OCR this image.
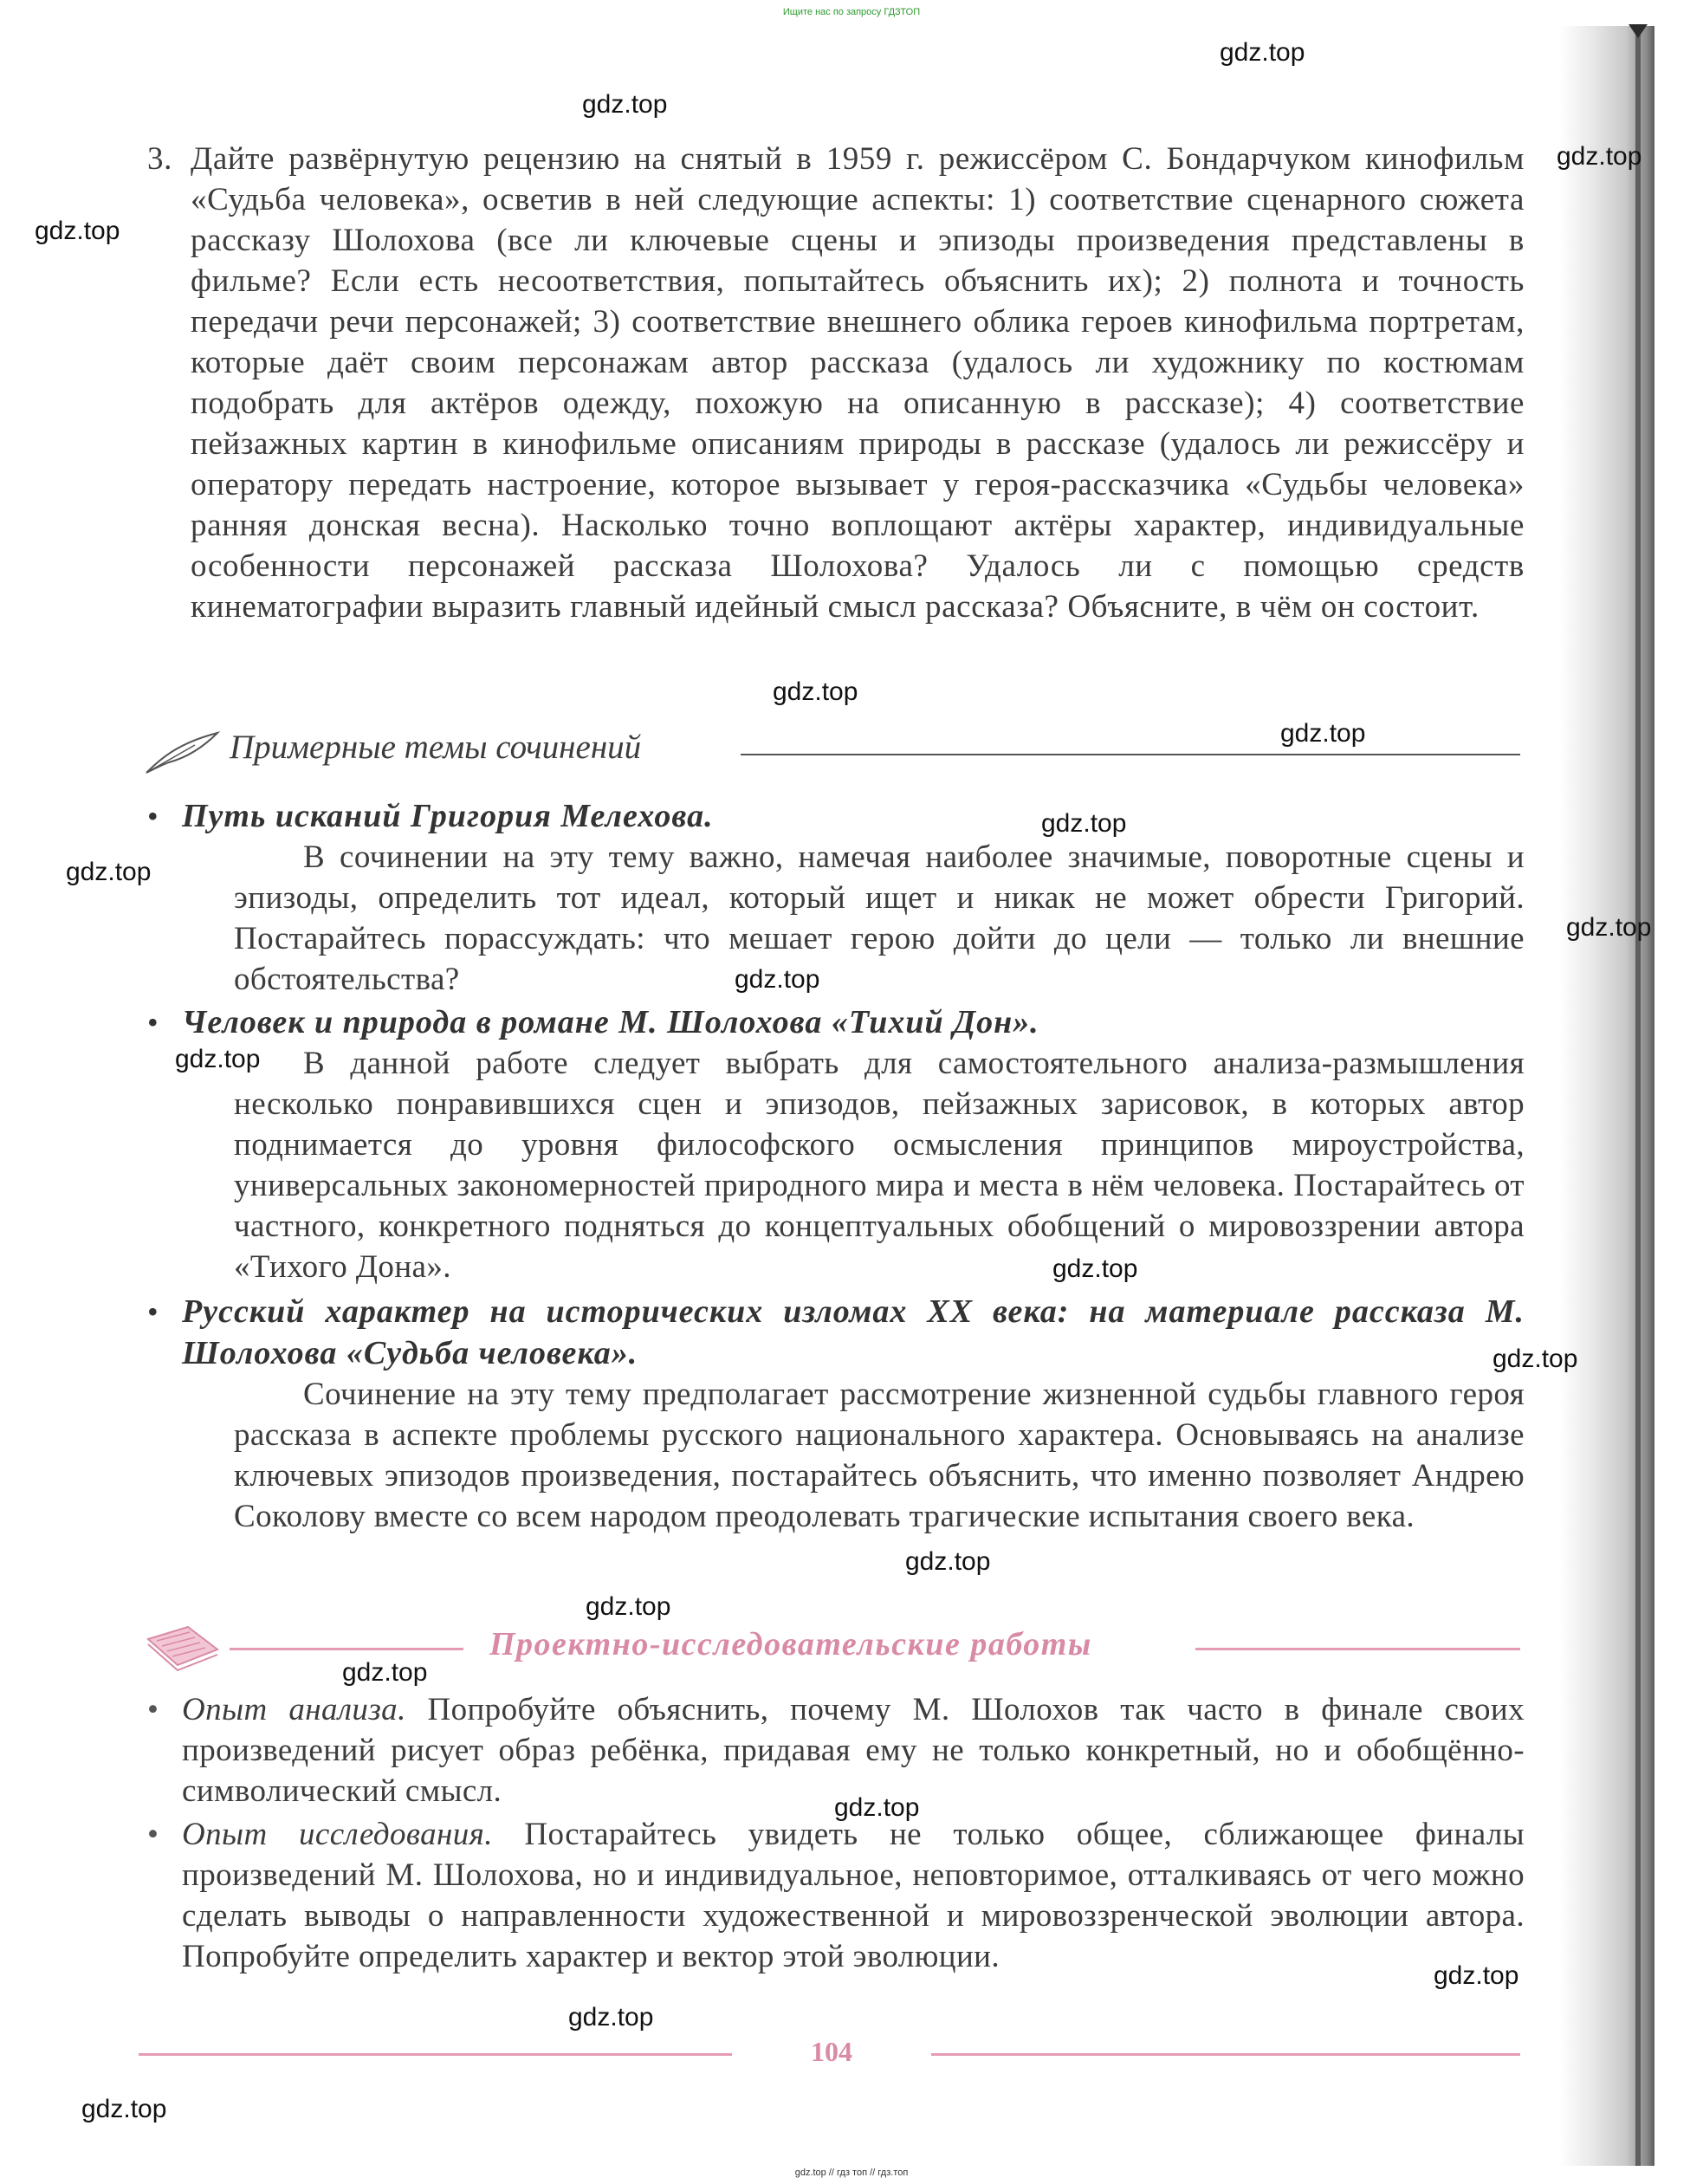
Ищите нас по запросу ГДЗТОП
gdz.top
gdz.top
gdz.top
gdz.top
gdz.top
gdz.top
gdz.top
gdz.top
gdz.top
gdz.top
gdz.top
gdz.top
gdz.top
gdz.top
gdz.top
gdz.top
gdz.top
gdz.top
gdz.top
gdz.top
3. Дайте развёрнутую рецензию на снятый в 1959 г. режиссёром С. Бондарчуком кинофильм «Судьба человека», осветив в ней следующие аспекты: 1) соответствие сценарного сюжета рассказу Шолохова (все ли ключевые сцены и эпизоды произведения представлены в фильме? Если есть несоответствия, попытайтесь объяснить их); 2) полнота и точность передачи речи персонажей; 3) соответствие внешнего облика героев кинофильма портретам, которые даёт своим персонажам автор рассказа (удалось ли художнику по костюмам подобрать для актёров одежду, похожую на описанную в рассказе); 4) соответствие пейзажных картин в кинофильме описаниям природы в рассказе (удалось ли режиссёру и оператору передать настроение, которое вызывает у героя-рассказчика «Судьбы человека» ранняя донская весна). Насколько точно воплощают актёры характер, индивидуальные особенности персонажей рассказа Шолохова? Удалось ли с помощью средств кинематографии выразить главный идейный смысл рассказа? Объясните, в чём он состоит.
Примерные темы сочинений
• Путь исканий Григория Мелехова.
В сочинении на эту тему важно, намечая наиболее значимые, поворотные сцены и эпизоды, определить тот идеал, который ищет и никак не может обрести Григорий. Постарайтесь порассуждать: что мешает герою дойти до цели — только ли внешние обстоятельства?
• Человек и природа в романе М. Шолохова «Тихий Дон».
В данной работе следует выбрать для самостоятельного анализа-размышления несколько понравившихся сцен и эпизодов, пейзажных зарисовок, в которых автор поднимается до уровня философского осмысления принципов мироустройства, универсальных закономерностей природного мира и места в нём человека. Постарайтесь от частного, конкретного подняться до концептуальных обобщений о мировоззрении автора «Тихого Дона».
• Русский характер на исторических изломах XX века: на материале рассказа М. Шолохова «Судьба человека».
Сочинение на эту тему предполагает рассмотрение жизненной судьбы главного героя рассказа в аспекте проблемы русского национального характера. Основываясь на анализе ключевых эпизодов произведения, постарайтесь объяснить, что именно позволяет Андрею Соколову вместе со всем народом преодолевать трагические испытания своего века.
Проектно-исследовательские работы
• Опыт анализа. Попробуйте объяснить, почему М. Шолохов так часто в финале своих произведений рисует образ ребёнка, придавая ему не только конкретный, но и обобщённо-символический смысл.
• Опыт исследования. Постарайтесь увидеть не только общее, сближающее финалы произведений М. Шолохова, но и индивидуальное, неповторимое, отталкиваясь от чего можно сделать выводы о направленности художественной и мировоззренческой эволюции автора. Попробуйте определить характер и вектор этой эволюции.
104
gdz.top // гдз топ // гдз.топ
